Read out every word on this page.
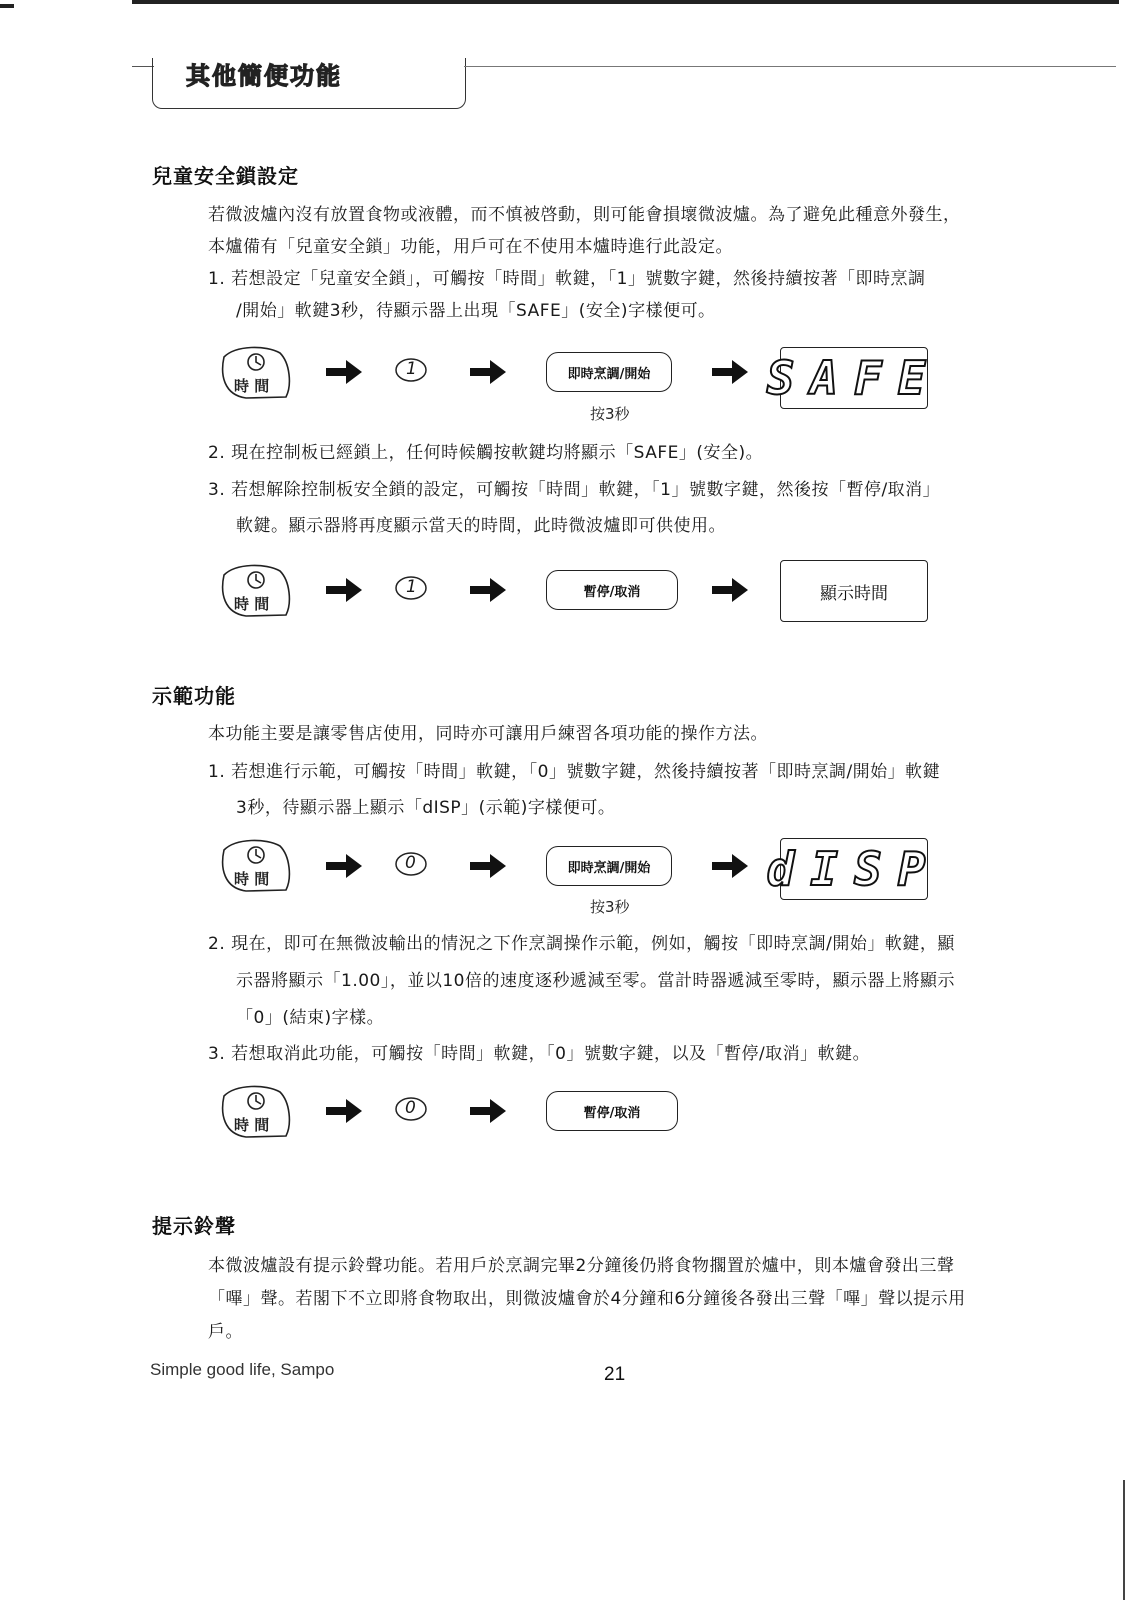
其他簡便功能
兒童安全鎖設定
若微波爐內沒有放置食物或液體，而不慎被啓動，則可能會損壞微波爐。為了避免此種意外發生，
本爐備有「兒童安全鎖」功能，用戶可在不使用本爐時進行此設定。
1. 若想設定「兒童安全鎖」，可觸按「時間」軟鍵，「1」號數字鍵，然後持續按著「即時烹調
/開始」軟鍵3秒，待顯示器上出現「SAFE」(安全)字樣便可。
時 間
1	即時烹調/開始
按3秒
SAFE
2. 現在控制板已經鎖上，任何時候觸按軟鍵均將顯示「SAFE」(安全)。
3. 若想解除控制板安全鎖的設定，可觸按「時間」軟鍵，「1」號數字鍵，然後按「暫停/取消」
軟鍵。顯示器將再度顯示當天的時間，此時微波爐即可供使用。
時 間
1	暫停/取消	顯示時間
示範功能
本功能主要是讓零售店使用，同時亦可讓用戶練習各項功能的操作方法。
1. 若想進行示範，可觸按「時間」軟鍵，「0」號數字鍵，然後持續按著「即時烹調/開始」軟鍵
3秒，待顯示器上顯示「dISP」(示範)字樣便可。
時 間
0	即時烹調/開始
按3秒
dISP
2. 現在，即可在無微波輸出的情況之下作烹調操作示範，例如，觸按「即時烹調/開始」軟鍵，顯
示器將顯示「1.00」，並以10倍的速度逐秒遞減至零。當計時器遞減至零時，顯示器上將顯示
「0」(結束)字樣。
3. 若想取消此功能，可觸按「時間」軟鍵，「0」號數字鍵，以及「暫停/取消」軟鍵。
時 間
0	暫停/取消
提示鈴聲
本微波爐設有提示鈴聲功能。若用戶於烹調完畢2分鐘後仍將食物擱置於爐中，則本爐會發出三聲
「嗶」聲。若閣下不立即將食物取出，則微波爐會於4分鐘和6分鐘後各發出三聲「嗶」聲以提示用
戶。
Simple good life, Sampo	21
